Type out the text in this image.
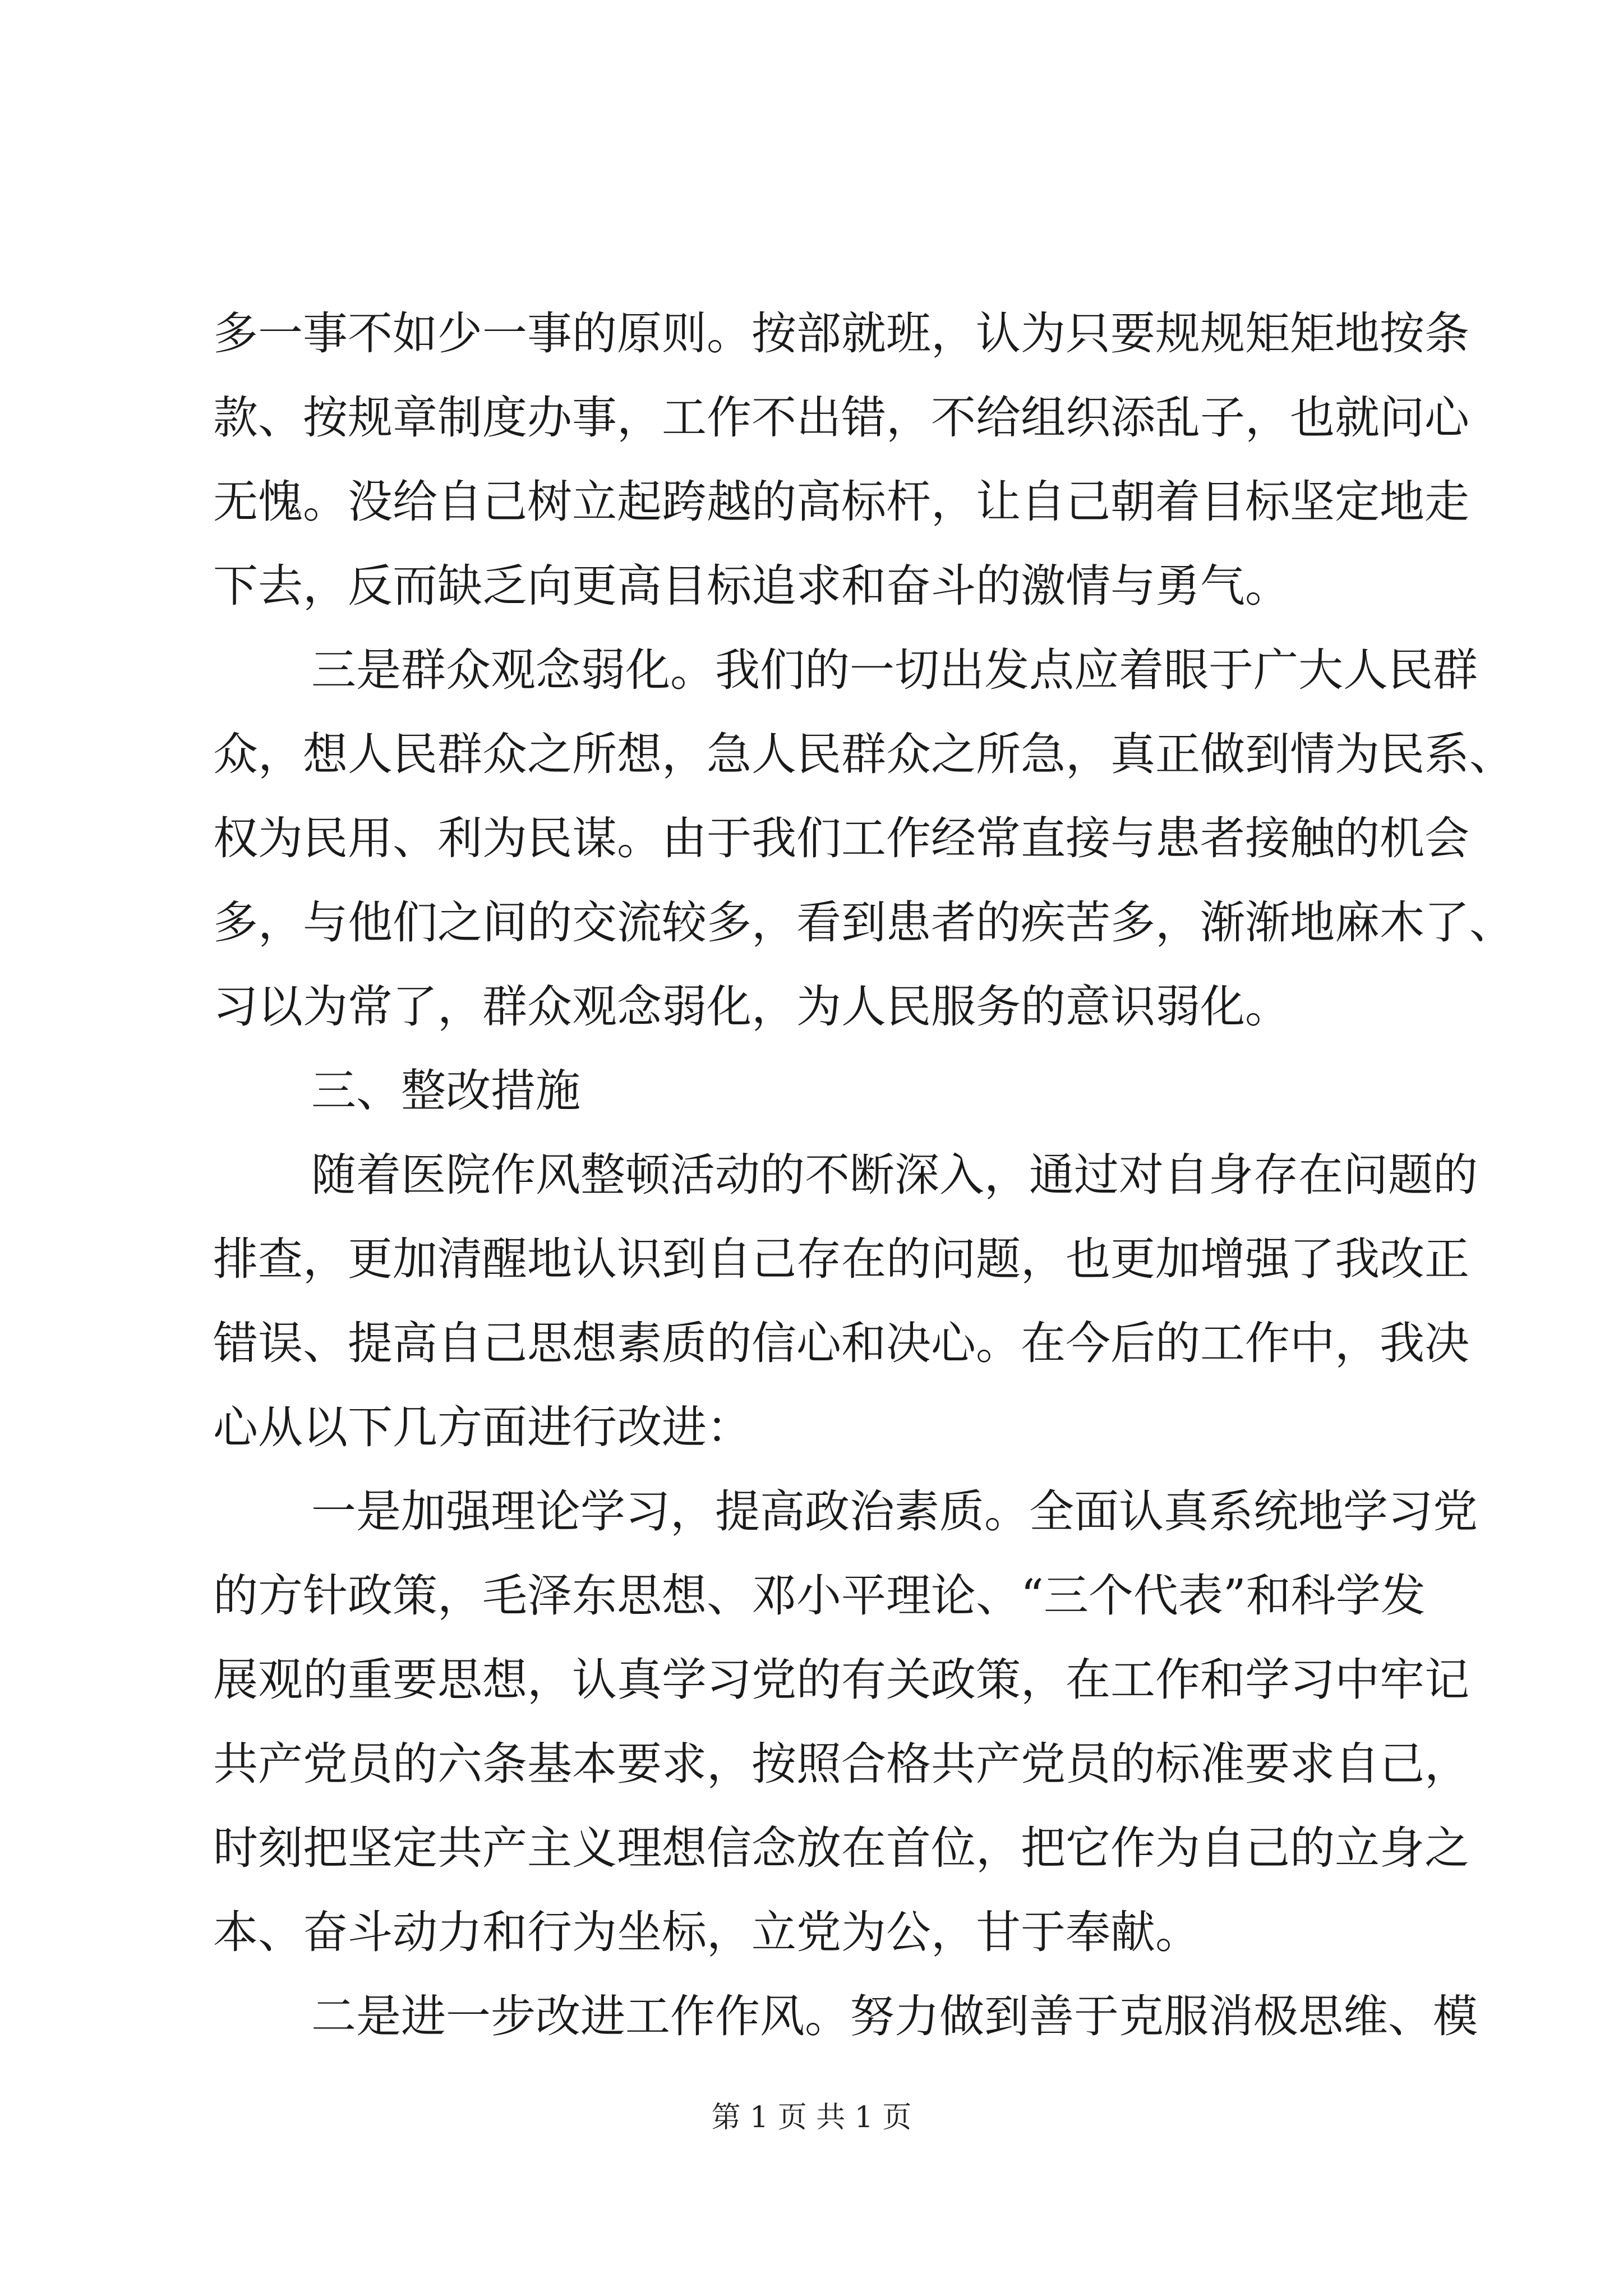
多一事不如少一事的原则。按部就班，认为只要规规矩矩地按条
款、按规章制度办事，工作不出错，不给组织添乱子，也就问心
无愧。没给自己树立起跨越的高标杆，让自己朝着目标坚定地走
下去，反而缺乏向更高目标追求和奋斗的激情与勇气。
三是群众观念弱化。我们的一切出发点应着眼于广大人民群
众，想人民群众之所想，急人民群众之所急，真正做到情为民系、
权为民用、利为民谋。由于我们工作经常直接与患者接触的机会
多，与他们之间的交流较多，看到患者的疾苦多，渐渐地麻木了、
习以为常了，群众观念弱化，为人民服务的意识弱化。
三、整改措施
随着医院作风整顿活动的不断深入，通过对自身存在问题的
排查，更加清醒地认识到自己存在的问题，也更加增强了我改正
错误、提高自己思想素质的信心和决心。在今后的工作中，我决
心从以下几方面进行改进：
一是加强理论学习，提高政治素质。全面认真系统地学习党
的方针政策，毛泽东思想、邓小平理论、“三个代表”和科学发
展观的重要思想，认真学习党的有关政策，在工作和学习中牢记
共产党员的六条基本要求，按照合格共产党员的标准要求自己，
时刻把坚定共产主义理想信念放在首位，把它作为自己的立身之
本、奋斗动力和行为坐标，立党为公，甘于奉献。
二是进一步改进工作作风。努力做到善于克服消极思维、模
第 1 页 共 1 页
